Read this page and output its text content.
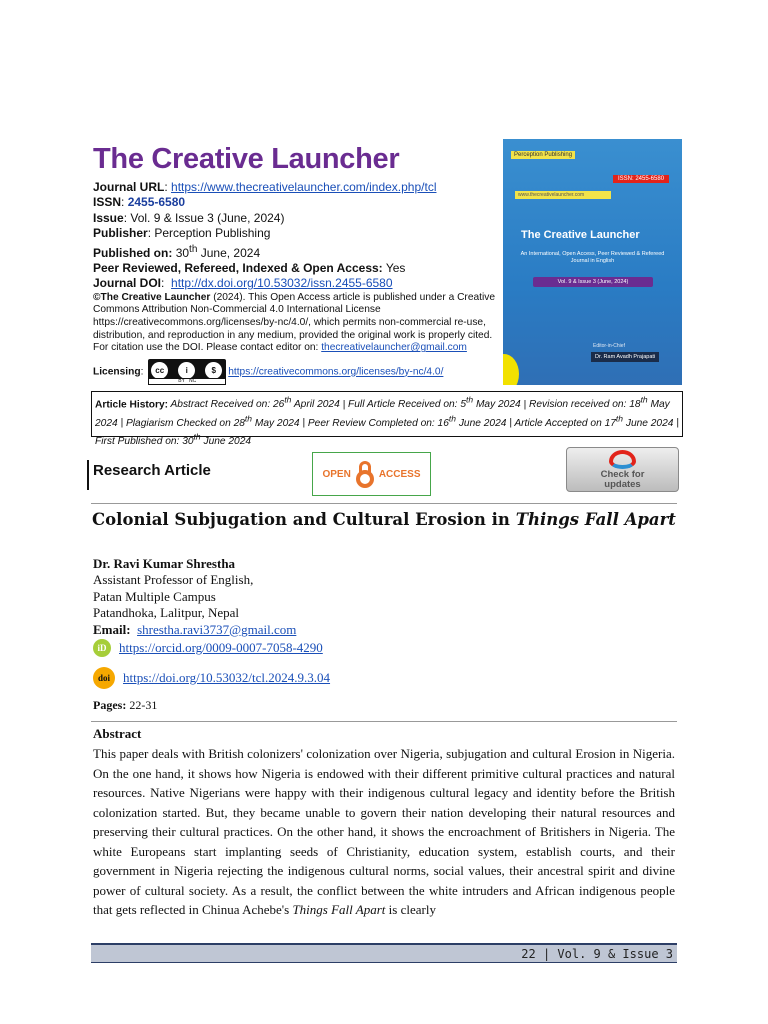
The Creative Launcher
Journal URL: https://www.thecreativelauncher.com/index.php/tcl
ISSN: 2455-6580
Issue: Vol. 9 & Issue 3 (June, 2024)
Publisher: Perception Publishing
Published on: 30th June, 2024
Peer Reviewed, Refereed, Indexed & Open Access: Yes
Journal DOI:  http://dx.doi.org/10.53032/issn.2455-6580
©The Creative Launcher (2024). This Open Access article is published under a Creative Commons Attribution Non-Commercial 4.0 International License https://creativecommons.org/licenses/by-nc/4.0/, which permits non-commercial re-use, distribution, and reproduction in any medium, provided the original work is properly cited. For citation use the DOI. Please contact editor on: thecreativelauncher@gmail.com
Licensing:	cc	i	$
BY NC
https://creativecommons.org/licenses/by-nc/4.0/
Perception Publishing
ISSN: 2455-6580
www.thecreativelauncher.com
The Creative Launcher
An International, Open Access, Peer Reviewed & Refereed Journal in English
Vol. 9 & Issue 3 (June, 2024)
Editor-in-Chief
Dr. Ram Avadh Prajapati
Article History: Abstract Received on: 26th April 2024 | Full Article Received on: 5th May 2024 | Revision received on: 18th May 2024 | Plagiarism Checked on 28th May 2024 | Peer Review Completed on: 16th June 2024 | Article Accepted on 17th June 2024 | First Published on: 30th June 2024
Research Article	OPEN	ACCESS	Check for
updates
Colonial Subjugation and Cultural Erosion in Things Fall Apart
Dr. Ravi Kumar Shrestha
Assistant Professor of English,
Patan Multiple Campus
Patandhoka, Lalitpur, Nepal
Email: shrestha.ravi3737@gmail.com
iD https://orcid.org/0009-0007-7058-4290
doi	https://doi.org/10.53032/tcl.2024.9.3.04
Pages: 22-31
Abstract
This paper deals with British colonizers' colonization over Nigeria, subjugation and cultural Erosion in Nigeria. On the one hand, it shows how Nigeria is endowed with their different primitive cultural practices and natural resources. Native Nigerians were happy with their indigenous cultural legacy and identity before the British colonization started. But, they became unable to govern their nation developing their natural resources and preserving their cultural practices. On the other hand, it shows the encroachment of Britishers in Nigeria. The white Europeans start implanting seeds of Christianity, education system, establish courts, and their government in Nigeria rejecting the indigenous cultural norms, social values, their ancestral spirit and divine power of cultural society. As a result, the conflict between the white intruders and African indigenous people that gets reflected in Chinua Achebe's Things Fall Apart is clearly
22 | Vol. 9 & Issue 3
